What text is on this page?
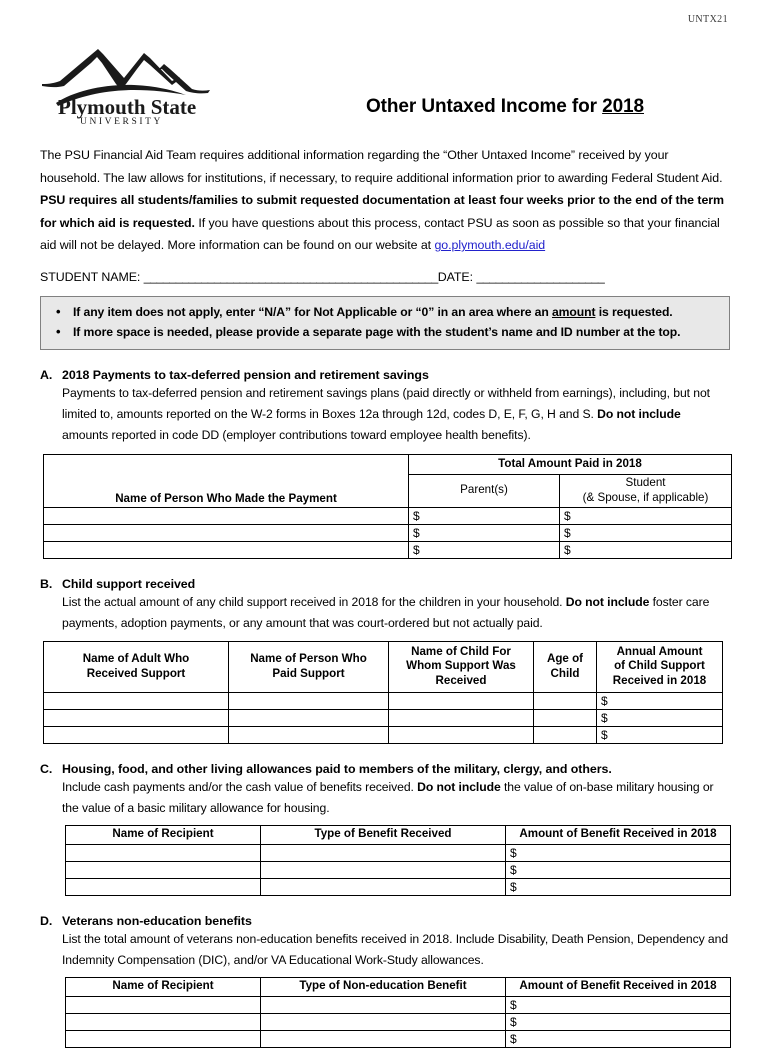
UNTX21
Plymouth State
UNIVERSITY
Other Untaxed Income for 2018
The PSU Financial Aid Team requires additional information regarding the “Other Untaxed Income” received by your household. The law allows for institutions, if necessary, to require additional information prior to awarding Federal Student Aid. PSU requires all students/families to submit requested documentation at least four weeks prior to the end of the term for which aid is requested. If you have questions about this process, contact PSU as soon as possible so that your financial aid will not be delayed. More information can be found on our website at go.plymouth.edu/aid
STUDENT NAME: ______________________________________________DATE: ____________________
• If any item does not apply, enter “N/A” for Not Applicable or “0” in an area where an amount is requested.
• If more space is needed, please provide a separate page with the student’s name and ID number at the top.
A. 2018 Payments to tax-deferred pension and retirement savings
Payments to tax-deferred pension and retirement savings plans (paid directly or withheld from earnings), including, but not limited to, amounts reported on the W-2 forms in Boxes 12a through 12d, codes D, E, F, G, H and S. Do not include amounts reported in code DD (employer contributions toward employee health benefits).
Name of Person Who Made the Payment	Total Amount Paid in 2018	
	Parent(s)	Student
(& Spouse, if applicable)

	$	$
	$	$
	$	$
B. Child support received
List the actual amount of any child support received in 2018 for the children in your household. Do not include foster care payments, adoption payments, or any amount that was court-ordered but not actually paid.
Name of Adult Who
Received Support

Name of Person Who
Paid Support

Name of Child For
Whom Support Was
Received

Age of
Child

Annual Amount
of Child Support
Received in 2018

				$
				$
				$
C. Housing, food, and other living allowances paid to members of the military, clergy, and others.
Include cash payments and/or the cash value of benefits received. Do not include the value of on-base military housing or the value of a basic military allowance for housing.
Name of Recipient	Type of Benefit Received	Amount of Benefit Received in 2018
		$
		$
		$
D. Veterans non-education benefits
List the total amount of veterans non-education benefits received in 2018. Include Disability, Death Pension, Dependency and Indemnity Compensation (DIC), and/or VA Educational Work-Study allowances.
Name of Recipient	Type of Non-education Benefit	Amount of Benefit Received in 2018
		$
		$
		$
